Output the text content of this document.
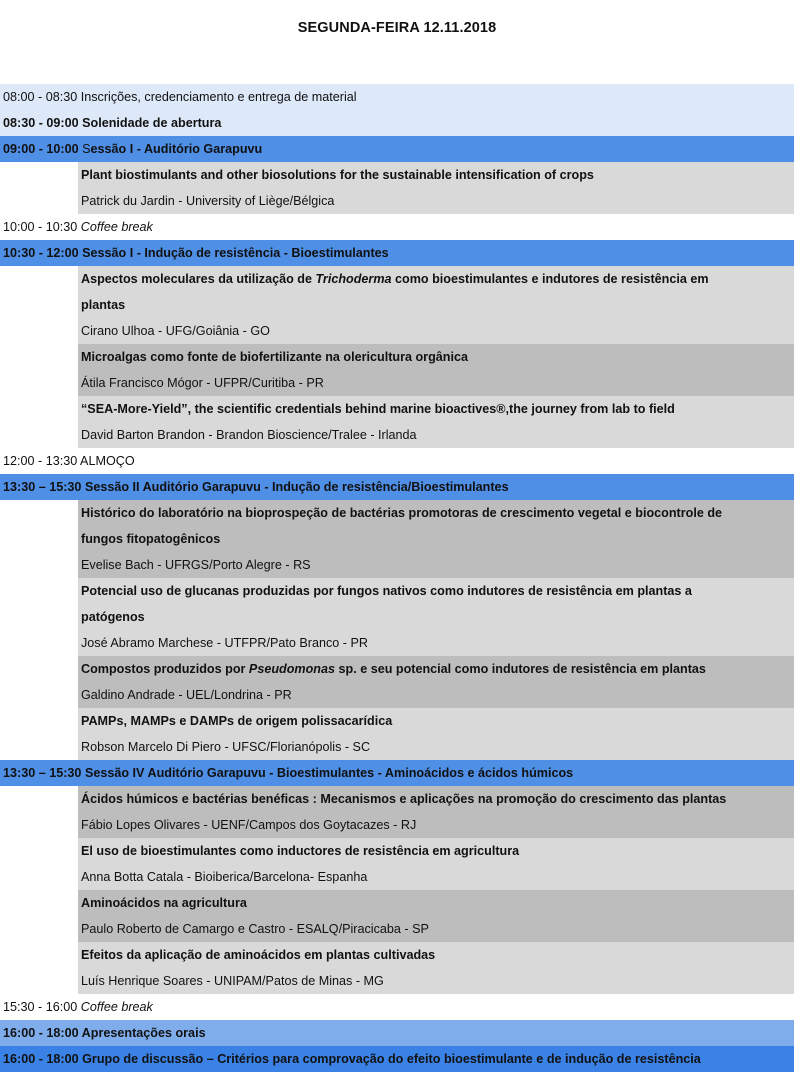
SEGUNDA-FEIRA 12.11.2018
08:00 - 08:30 Inscrições, credenciamento e entrega de material
08:30 - 09:00 Solenidade de abertura
09:00 - 10:00 Sessão I - Auditório Garapuvu
Plant biostimulants and other biosolutions for the sustainable intensification of crops
Patrick du Jardin - University of Liège/Bélgica
10:00 - 10:30 Coffee break
10:30 - 12:00 Sessão I - Indução de resistência - Bioestimulantes
Aspectos moleculares da utilização de Trichoderma como bioestimulantes e indutores de resistência em
plantas
Cirano Ulhoa - UFG/Goiânia - GO
Microalgas como fonte de biofertilizante na olericultura orgânica
Átila Francisco Mógor - UFPR/Curitiba - PR
“SEA-More-Yield”, the scientific credentials behind marine bioactives®,the journey from lab to field
David Barton Brandon - Brandon Bioscience/Tralee - Irlanda
12:00 - 13:30 ALMOÇO
13:30 – 15:30 Sessão II Auditório Garapuvu - Indução de resistência/Bioestimulantes
Histórico do laboratório na bioprospeção de bactérias promotoras de crescimento vegetal e biocontrole de
fungos fitopatogênicos
Evelise Bach - UFRGS/Porto Alegre - RS
Potencial uso de glucanas produzidas por fungos nativos como indutores de resistência em plantas a
patógenos
José Abramo Marchese - UTFPR/Pato Branco - PR
Compostos produzidos por Pseudomonas sp. e seu potencial como indutores de resistência em plantas
Galdino Andrade - UEL/Londrina - PR
PAMPs, MAMPs e DAMPs de origem polissacarídica
Robson Marcelo Di Piero - UFSC/Florianópolis - SC
13:30 – 15:30 Sessão IV Auditório Garapuvu - Bioestimulantes - Aminoácidos e ácidos húmicos
Ácidos húmicos e bactérias benéficas : Mecanismos e aplicações na promoção do crescimento das plantas
Fábio Lopes Olivares - UENF/Campos dos Goytacazes - RJ
El uso de bioestimulantes como inductores de resistência em agricultura
Anna Botta Catala - Bioiberica/Barcelona- Espanha
Aminoácidos na agricultura
Paulo Roberto de Camargo e Castro - ESALQ/Piracicaba - SP
Efeitos da aplicação de aminoácidos em plantas cultivadas
Luís Henrique Soares - UNIPAM/Patos de Minas - MG
15:30 - 16:00 Coffee break
16:00 - 18:00 Apresentações orais
16:00 - 18:00 Grupo de discussão – Critérios para comprovação do efeito bioestimulante e de indução de resistência
